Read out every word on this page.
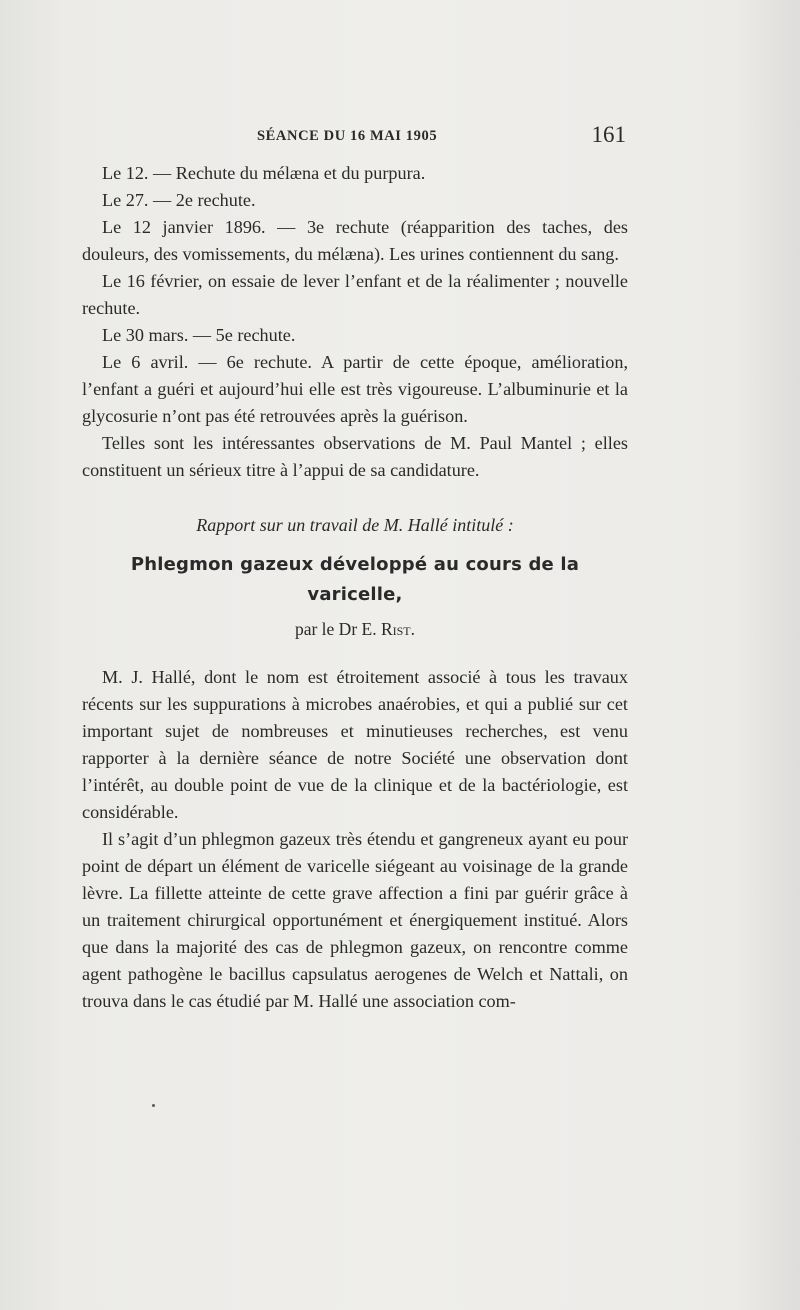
SÉANCE DU 16 MAI 1905	161

Le 12. — Rechute du mélæna et du purpura.

Le 27. — 2e rechute.

Le 12 janvier 1896. — 3e rechute (réapparition des taches, des douleurs, des vomissements, du mélæna). Les urines contiennent du sang.

Le 16 février, on essaie de lever l’enfant et de la réalimenter ; nouvelle rechute.

Le 30 mars. — 5e rechute.

Le 6 avril. — 6e rechute. A partir de cette époque, amélioration, l’enfant a guéri et aujourd’hui elle est très vigoureuse. L’albuminurie et la glycosurie n’ont pas été retrouvées après la guérison.

Telles sont les intéressantes observations de M. Paul Mantel ; elles constituent un sérieux titre à l’appui de sa candidature.

Rapport sur un travail de M. Hallé intitulé :

Phlegmon gazeux développé au cours de la varicelle,

par le Dr E. Rist.

M. J. Hallé, dont le nom est étroitement associé à tous les travaux récents sur les suppurations à microbes anaérobies, et qui a publié sur cet important sujet de nombreuses et minutieuses recherches, est venu rapporter à la dernière séance de notre Société une observation dont l’intérêt, au double point de vue de la clinique et de la bactériologie, est considérable.

Il s’agit d’un phlegmon gazeux très étendu et gangreneux ayant eu pour point de départ un élément de varicelle siégeant au voisinage de la grande lèvre. La fillette atteinte de cette grave affection a fini par guérir grâce à un traitement chirurgical opportunément et énergiquement institué. Alors que dans la majorité des cas de phlegmon gazeux, on rencontre comme agent pathogène le bacillus capsulatus aerogenes de Welch et Nattali, on trouva dans le cas étudié par M. Hallé une association com-
